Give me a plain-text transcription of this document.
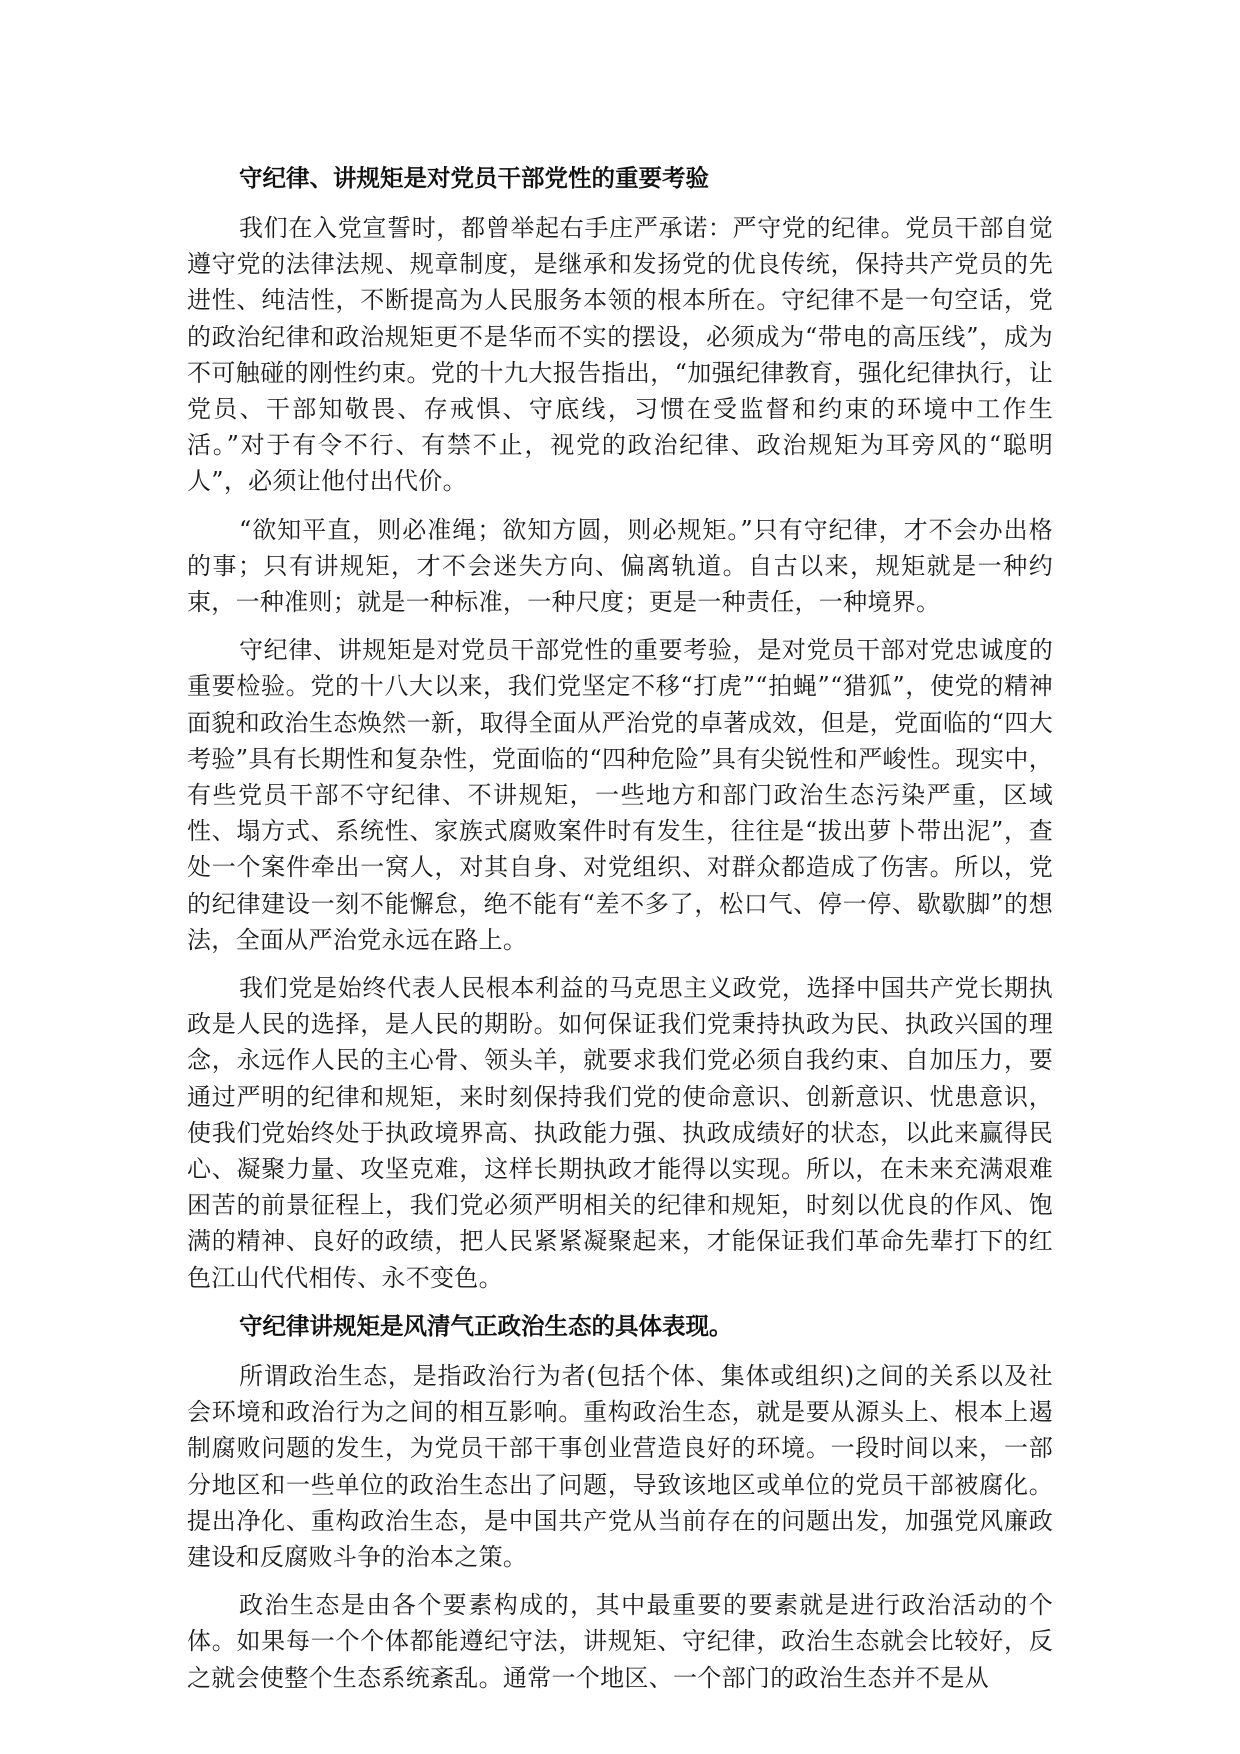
守纪律、讲规矩是对党员干部党性的重要考验

我们在入党宣誓时，都曾举起右手庄严承诺：严守党的纪律。党员干部自觉遵守党的法律法规、规章制度，是继承和发扬党的优良传统，保持共产党员的先进性、纯洁性，不断提高为人民服务本领的根本所在。守纪律不是一句空话，党的政治纪律和政治规矩更不是华而不实的摆设，必须成为“带电的高压线”，成为不可触碰的刚性约束。党的十九大报告指出，“加强纪律教育，强化纪律执行，让党员、干部知敬畏、存戒惧、守底线，习惯在受监督和约束的环境中工作生活。”对于有令不行、有禁不止，视党的政治纪律、政治规矩为耳旁风的“聪明人”，必须让他付出代价。

“欲知平直，则必准绳；欲知方圆，则必规矩。”只有守纪律，才不会办出格的事；只有讲规矩，才不会迷失方向、偏离轨道。自古以来，规矩就是一种约束，一种准则；就是一种标准，一种尺度；更是一种责任，一种境界。

守纪律、讲规矩是对党员干部党性的重要考验，是对党员干部对党忠诚度的重要检验。党的十八大以来，我们党坚定不移“打虎”“拍蝇”“猎狐”，使党的精神面貌和政治生态焕然一新，取得全面从严治党的卓著成效，但是，党面临的“四大考验”具有长期性和复杂性，党面临的“四种危险”具有尖锐性和严峻性。现实中，有些党员干部不守纪律、不讲规矩，一些地方和部门政治生态污染严重，区域性、塌方式、系统性、家族式腐败案件时有发生，往往是“拔出萝卜带出泥”，查处一个案件牵出一窝人，对其自身、对党组织、对群众都造成了伤害。所以，党的纪律建设一刻不能懈怠，绝不能有“差不多了，松口气、停一停、歇歇脚”的想法，全面从严治党永远在路上。

我们党是始终代表人民根本利益的马克思主义政党，选择中国共产党长期执政是人民的选择，是人民的期盼。如何保证我们党秉持执政为民、执政兴国的理念，永远作人民的主心骨、领头羊，就要求我们党必须自我约束、自加压力，要通过严明的纪律和规矩，来时刻保持我们党的使命意识、创新意识、忧患意识，使我们党始终处于执政境界高、执政能力强、执政成绩好的状态，以此来赢得民心、凝聚力量、攻坚克难，这样长期执政才能得以实现。所以，在未来充满艰难困苦的前景征程上，我们党必须严明相关的纪律和规矩，时刻以优良的作风、饱满的精神、良好的政绩，把人民紧紧凝聚起来，才能保证我们革命先辈打下的红色江山代代相传、永不变色。

守纪律讲规矩是风清气正政治生态的具体表现。

所谓政治生态，是指政治行为者(包括个体、集体或组织)之间的关系以及社会环境和政治行为之间的相互影响。重构政治生态，就是要从源头上、根本上遏制腐败问题的发生，为党员干部干事创业营造良好的环境。一段时间以来，一部分地区和一些单位的政治生态出了问题，导致该地区或单位的党员干部被腐化。提出净化、重构政治生态，是中国共产党从当前存在的问题出发，加强党风廉政建设和反腐败斗争的治本之策。

政治生态是由各个要素构成的，其中最重要的要素就是进行政治活动的个体。如果每一个个体都能遵纪守法，讲规矩、守纪律，政治生态就会比较好，反之就会使整个生态系统紊乱。通常一个地区、一个部门的政治生态并不是从
